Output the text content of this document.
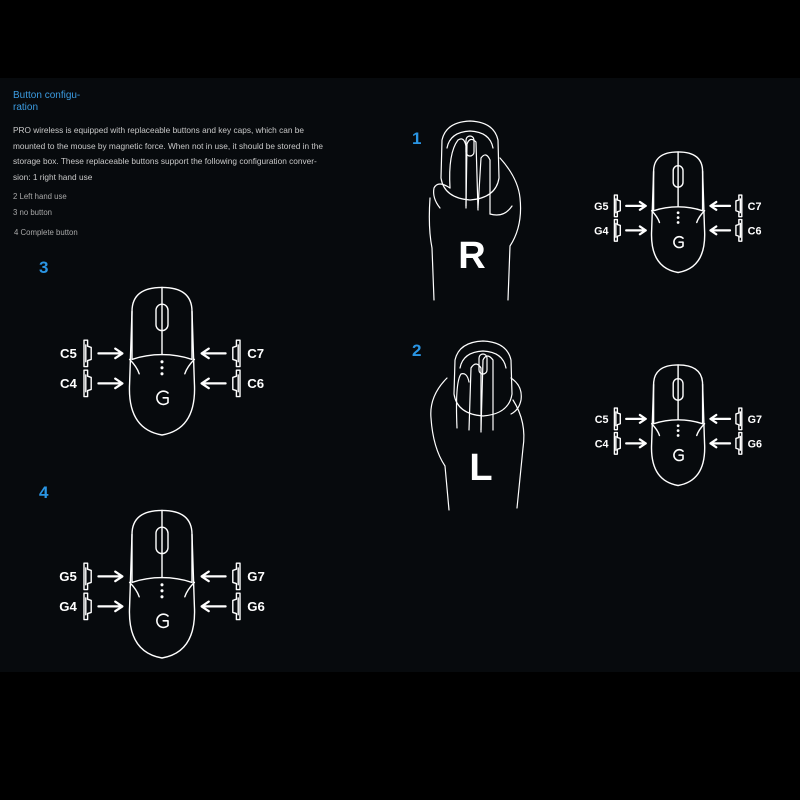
Button configu-
ration
PRO wireless is equipped with replaceable buttons and key caps, which can be
mounted to the mouse by magnetic force. When not in use, it should be stored in the
storage box. These replaceable buttons support the following configuration conver-
sion: 1 right hand use
2 Left hand use
3 no button
4 Complete button
1
2
3
4
R
L
G5	C7
G4	C6
C5	G7
C4	G6
C5	C7
C4	C6
G5	G7
G4	G6
